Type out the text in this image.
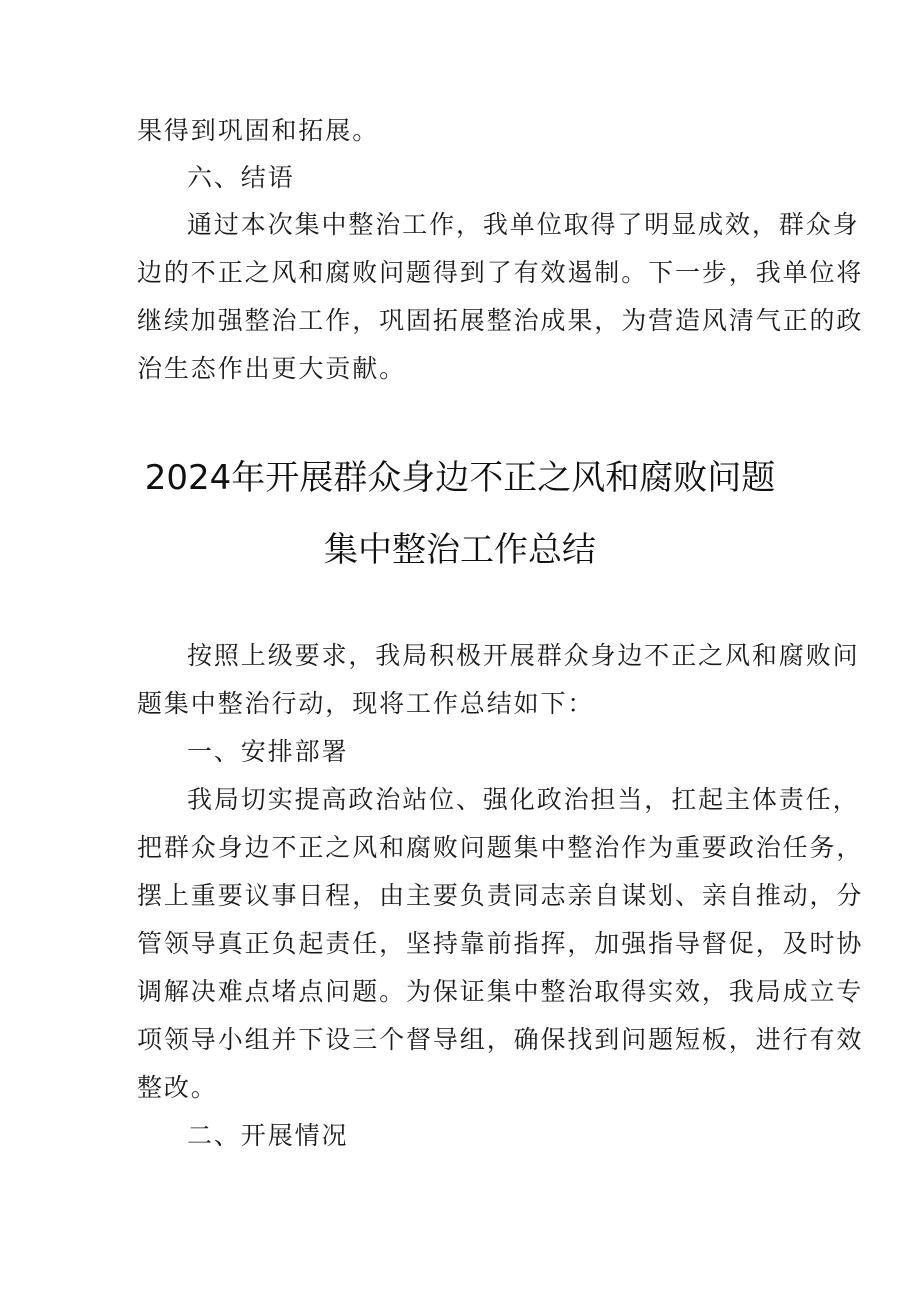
果得到巩固和拓展。
六、结语
通过本次集中整治工作，我单位取得了明显成效，群众身
边的不正之风和腐败问题得到了有效遏制。下一步，我单位将
继续加强整治工作，巩固拓展整治成果，为营造风清气正的政
治生态作出更大贡献。
2024年开展群众身边不正之风和腐败问题
集中整治工作总结
按照上级要求，我局积极开展群众身边不正之风和腐败问
题集中整治行动，现将工作总结如下：
一、安排部署
我局切实提高政治站位、强化政治担当，扛起主体责任，
把群众身边不正之风和腐败问题集中整治作为重要政治任务，
摆上重要议事日程，由主要负责同志亲自谋划、亲自推动，分
管领导真正负起责任，坚持靠前指挥，加强指导督促，及时协
调解决难点堵点问题。为保证集中整治取得实效，我局成立专
项领导小组并下设三个督导组，确保找到问题短板，进行有效
整改。
二、开展情况
